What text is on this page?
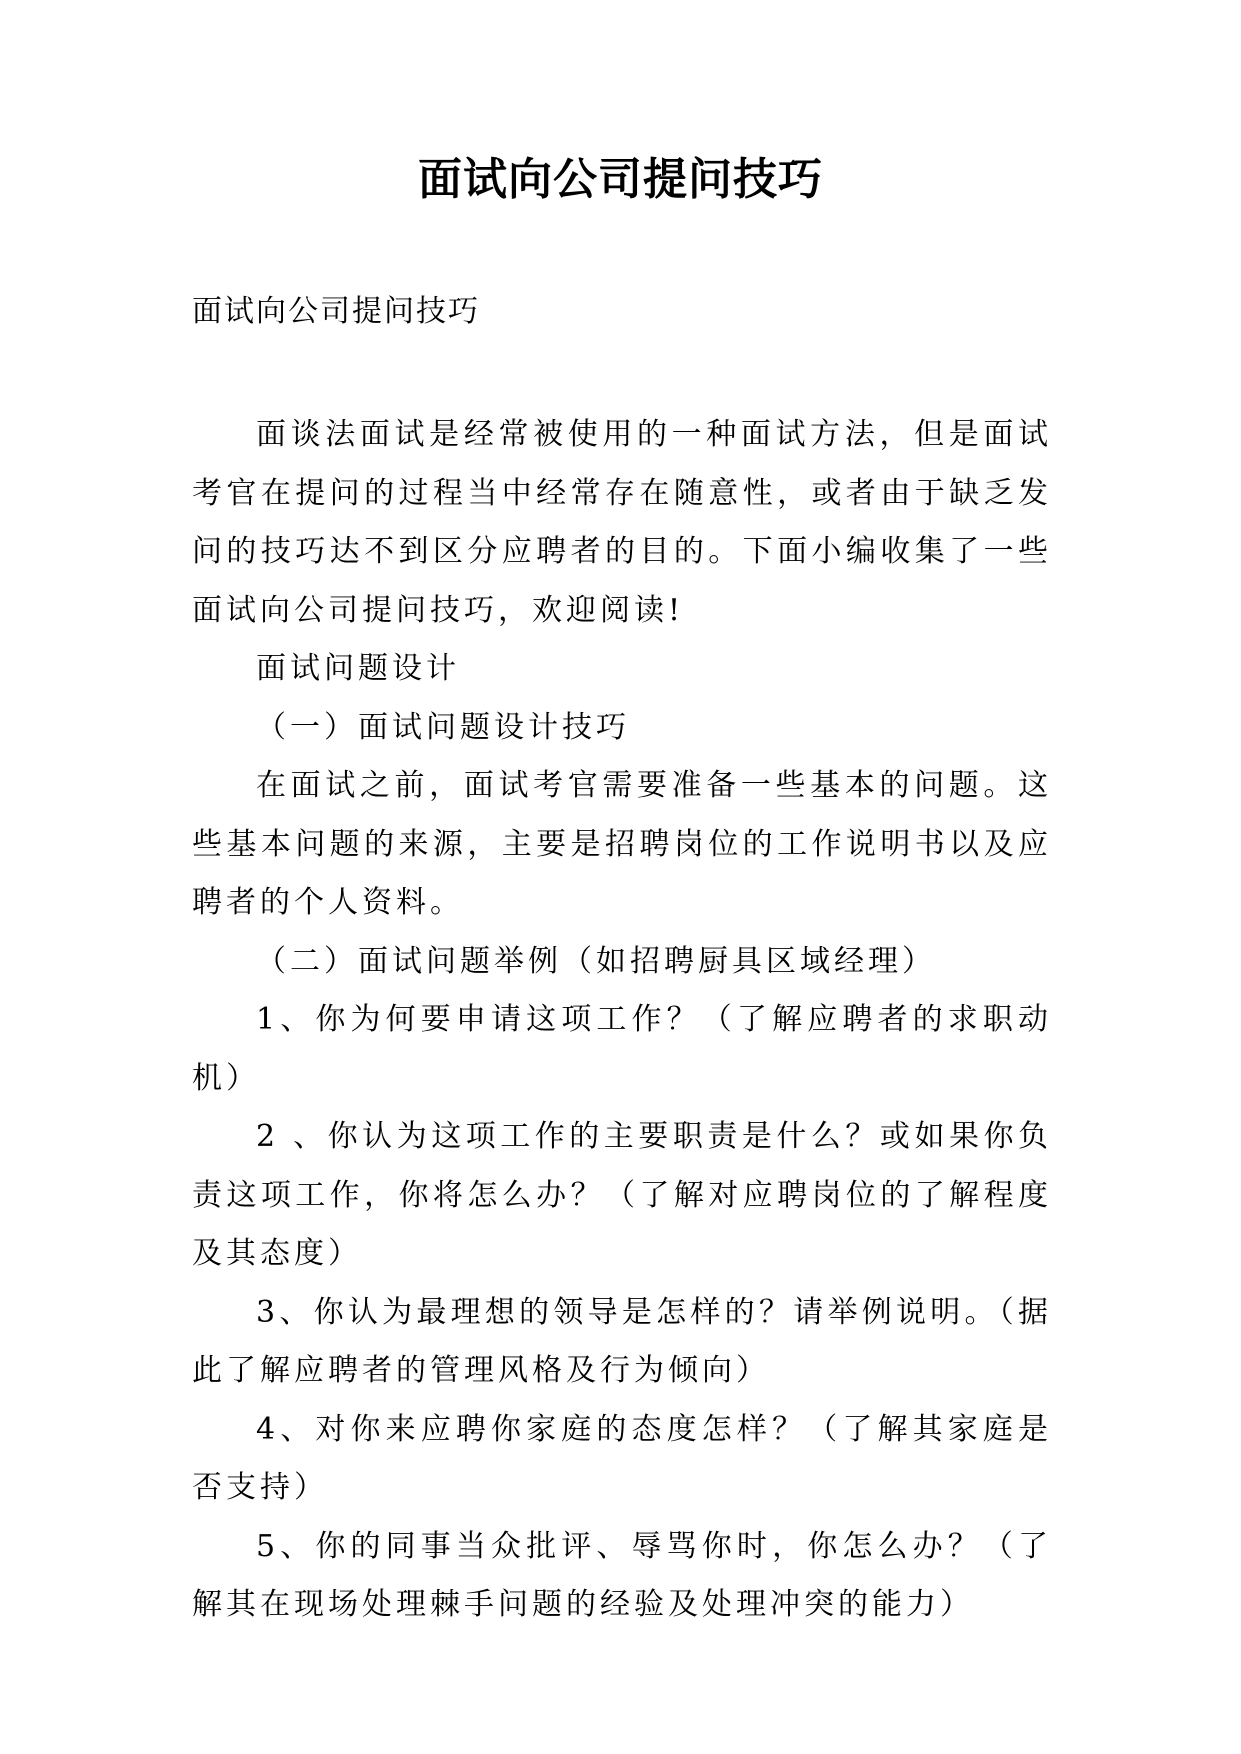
面试向公司提问技巧
面试向公司提问技巧

面谈法面试是经常被使用的一种面试方法，但是面试考官在提问的过程当中经常存在随意性，或者由于缺乏发问的技巧达不到区分应聘者的目的。下面小编收集了一些面试向公司提问技巧，欢迎阅读!

面试问题设计

（一）面试问题设计技巧

在面试之前，面试考官需要准备一些基本的问题。这些基本问题的来源，主要是招聘岗位的工作说明书以及应聘者的个人资料。

（二）面试问题举例（如招聘厨具区域经理）

1、你为何要申请这项工作？（了解应聘者的求职动机）

2 、你认为这项工作的主要职责是什么？或如果你负责这项工作，你将怎么办？（了解对应聘岗位的了解程度及其态度）

3、你认为最理想的领导是怎样的？请举例说明。（据此了解应聘者的管理风格及行为倾向）

4、对你来应聘你家庭的态度怎样？（了解其家庭是否支持）

5、你的同事当众批评、辱骂你时，你怎么办？（了解其在现场处理棘手问题的经验及处理冲突的能力）
